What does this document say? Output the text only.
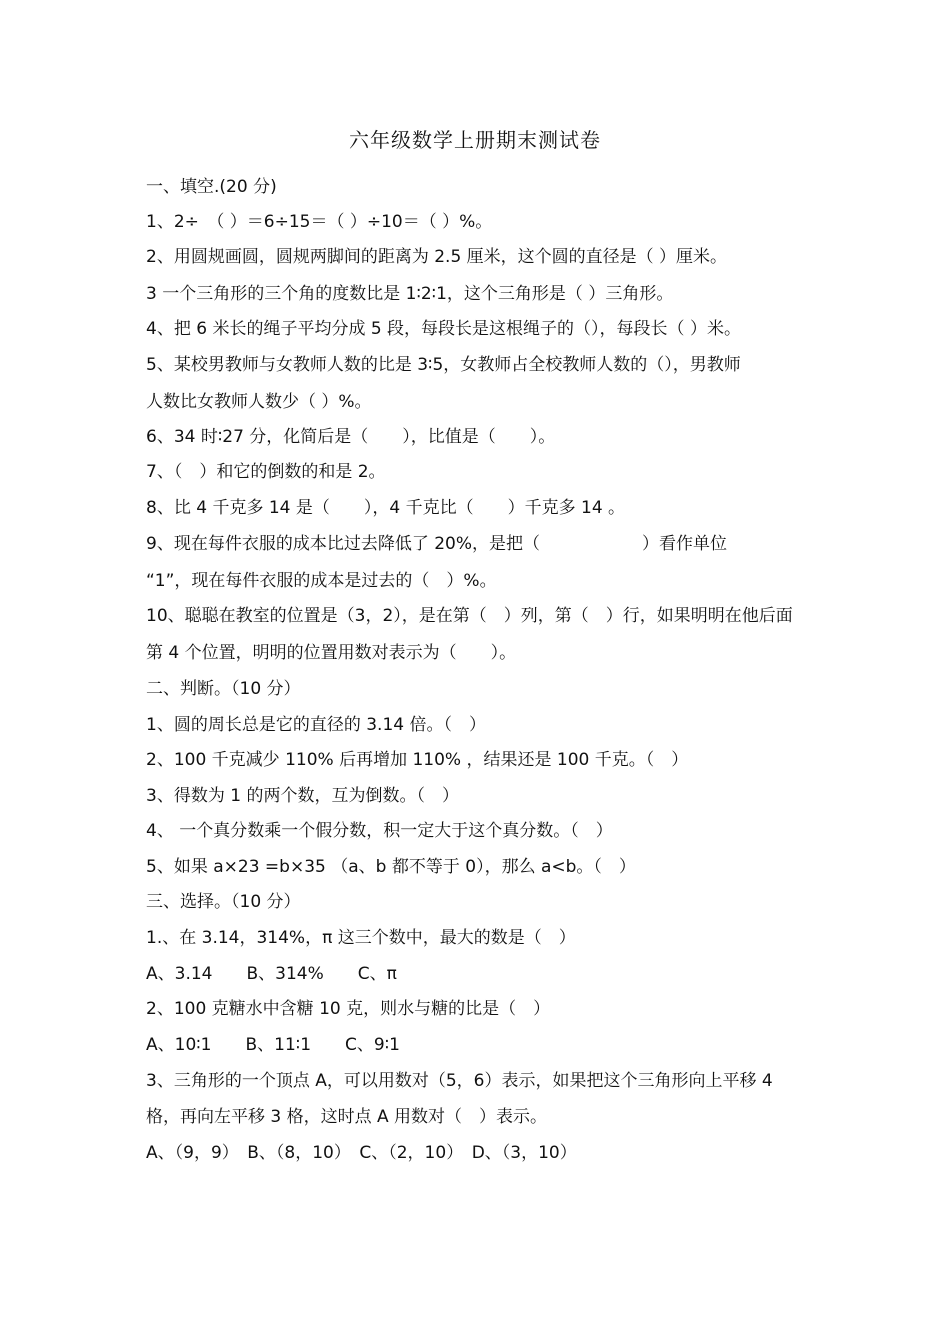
六年级数学上册期末测试卷
一、填空.(20 分)
1、2÷　（ ）＝6÷15＝（ ）÷10＝（ ）%。
2、用圆规画圆，圆规两脚间的距离为 2.5 厘米，这个圆的直径是（ ）厘米。
3 一个三角形的三个角的度数比是 1∶2∶1，这个三角形是（ ）三角形。
4、把 6 米长的绳子平均分成 5 段，每段长是这根绳子的（），每段长（ ）米。
5、某校男教师与女教师人数的比是 3∶5，女教师占全校教师人数的（），男教师
人数比女教师人数少（ ）%。
6、34 时∶27 分，化简后是（　　），比值是（　　）。
7、（　）和它的倒数的和是 2。
8、比 4 千克多 14 是（　　），4 千克比（　　）千克多 14 。
9、现在每件衣服的成本比过去降低了 20%，是把（　　　　　　）看作单位
“1”，现在每件衣服的成本是过去的（　）%。
10、聪聪在教室的位置是（3，2），是在第（　）列，第（　）行，如果明明在他后面
第 4 个位置，明明的位置用数对表示为（　　）。
二、判断。（10 分）
1、圆的周长总是它的直径的 3.14 倍。（　）
2、100 千克减少 110% 后再增加 110% ，结果还是 100 千克。（　）
3、得数为 1 的两个数，互为倒数。（　）
4、 一个真分数乘一个假分数，积一定大于这个真分数。（　）
5、如果 a×23 =b×35 （a、b 都不等于 0），那么 a<b。（　）
三、选择。（10 分）
1.、在 3.14，314%，π 这三个数中，最大的数是（　）
A、3.14　　B、314%　　C、π
2、100 克糖水中含糖 10 克，则水与糖的比是（　）
A、10∶1　　B、11∶1　　C、9∶1
3、三角形的一个顶点 A，可以用数对（5，6）表示，如果把这个三角形向上平移 4
格，再向左平移 3 格，这时点 A 用数对（　）表示。
A、（9，9）　B、（8，10）　C、（2，10）　D、（3，10）
